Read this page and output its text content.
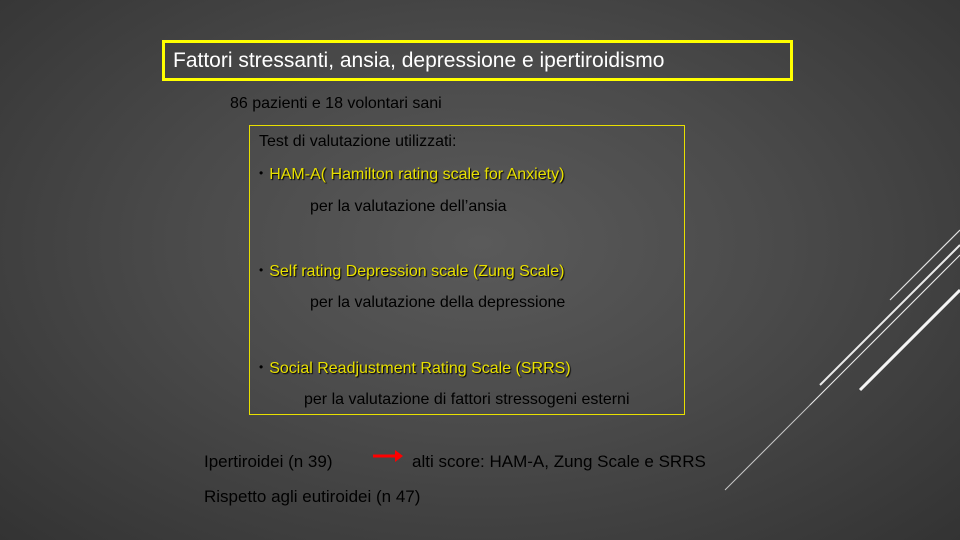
Fattori stressanti, ansia, depressione e ipertiroidismo
86 pazienti e 18 volontari sani
Test di valutazione utilizzati:
• HAM-A( Hamilton rating scale for Anxiety)
per la valutazione dell’ansia
• Self rating Depression scale (Zung Scale)
per la valutazione della depressione
• Social Readjustment Rating Scale (SRRS)
per la valutazione di fattori stressogeni esterni
Ipertiroidei (n 39)	alti score: HAM-A, Zung Scale e SRRS
Rispetto agli eutiroidei (n 47)
